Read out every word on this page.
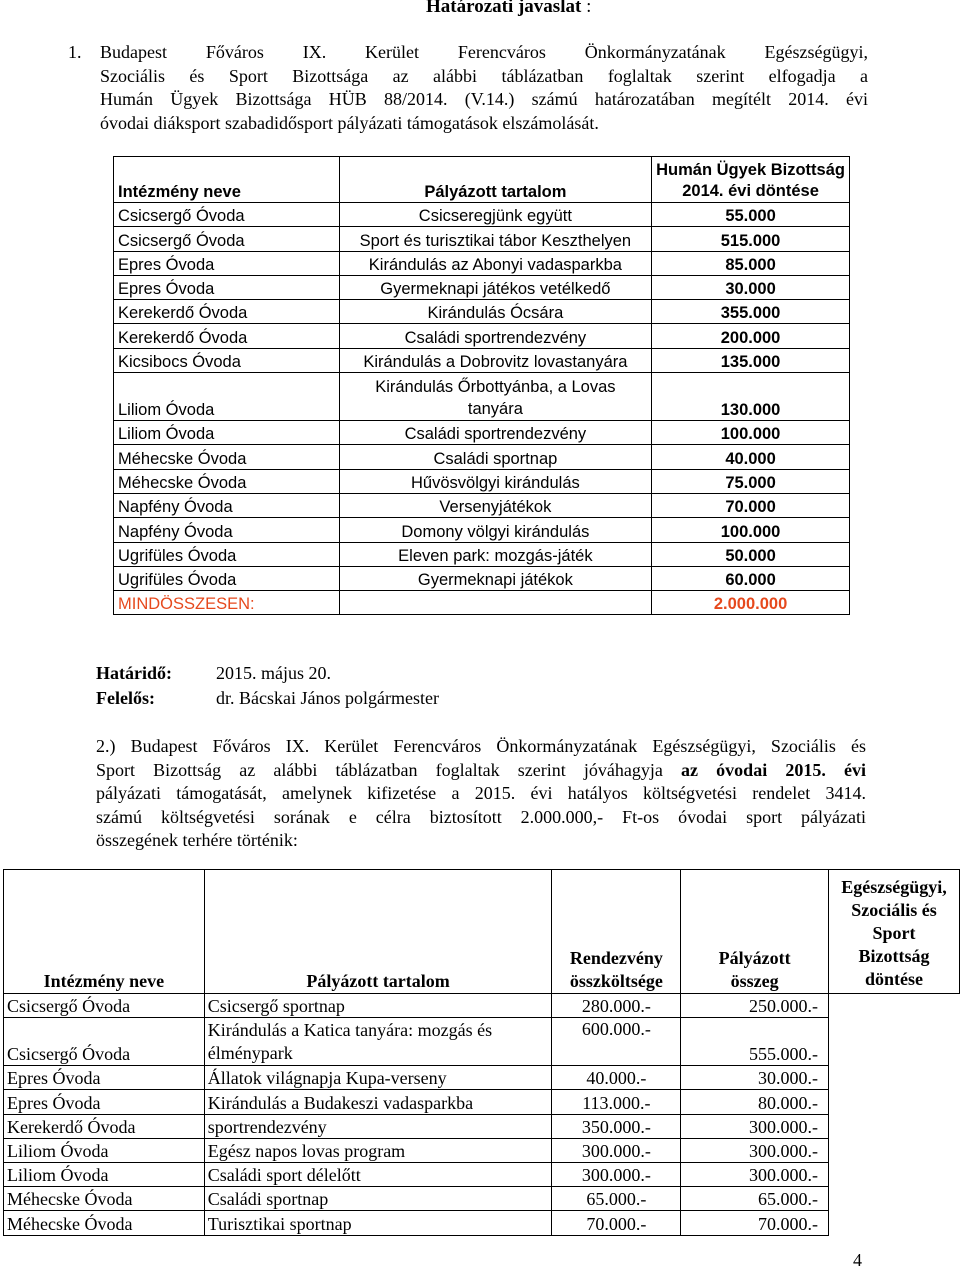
Határozati javaslat :
1. Budapest Főváros IX. Kerület Ferencváros Önkormányzatának Egészségügyi,
Szociális és Sport Bizottsága az alábbi táblázatban foglaltak szerint elfogadja a
Humán Ügyek Bizottsága HÜB 88/2014. (V.14.) számú határozatában megítélt 2014. évi
óvodai diáksport szabadidősport pályázati támogatások elszámolását.
Intézmény neve	Pályázott tartalom	Humán Ügyek Bizottság
2014. évi döntése

Csicsergő Óvoda	Csicseregjünk együtt	55.000
Csicsergő Óvoda	Sport és turisztikai tábor Keszthelyen	515.000
Epres Óvoda	Kirándulás az Abonyi vadasparkba	85.000
Epres Óvoda	Gyermeknapi játékos vetélkedő	30.000
Kerekerdő Óvoda	Kirándulás Ócsára	355.000
Kerekerdő Óvoda	Családi sportrendezvény	200.000
Kicsibocs Óvoda	Kirándulás a Dobrovitz lovastanyára	135.000
Liliom Óvoda	Kirándulás Őrbottyánba, a Lovas
tanyára	130.000
Liliom Óvoda	Családi sportrendezvény	100.000
Méhecske Óvoda	Családi sportnap	40.000
Méhecske Óvoda	Hűvösvölgyi kirándulás	75.000
Napfény Óvoda	Versenyjátékok	70.000
Napfény Óvoda	Domony völgyi kirándulás	100.000
Ugrifüles Óvoda	Eleven park: mozgás-játék	50.000
Ugrifüles Óvoda	Gyermeknapi játékok	60.000
MINDÖSSZESEN:		2.000.000
Határidő: 2015. május 20.
Felelős:	dr. Bácskai János polgármester
2.) Budapest Főváros IX. Kerület Ferencváros Önkormányzatának Egészségügyi, Szociális és
Sport Bizottság az alábbi táblázatban foglaltak szerint jóváhagyja az óvodai 2015. évi
pályázati támogatását, amelynek kifizetése a 2015. évi hatályos költségvetési rendelet 3414.
számú költségvetési sorának e célra biztosított 2.000.000,- Ft-os óvodai sport pályázati
összegének terhére történik:
Intézmény neve	Pályázott tartalom	Rendezvény
összköltsége	Pályázott
összeg	Egészségügyi,
Szociális és
Sport
Bizottság
döntése

Csicsergő Óvoda	Csicsergő sportnap	280.000.-	250.000.-	
Csicsergő Óvoda	Kirándulás a Katica tanyára: mozgás és élménypark	600.000.-	555.000.-	
Epres Óvoda	Állatok világnapja Kupa-verseny	40.000.-	30.000.-	
Epres Óvoda	Kirándulás a Budakeszi vadasparkba	113.000.-	80.000.-	
Kerekerdő Óvoda	sportrendezvény	350.000.-	300.000.-	
Liliom Óvoda	Egész napos lovas program	300.000.-	300.000.-	
Liliom Óvoda	Családi sport délelőtt	300.000.-	300.000.-	
Méhecske Óvoda	Családi sportnap	65.000.-	65.000.-	
Méhecske Óvoda	Turisztikai sportnap	70.000.-	70.000.-	
4
